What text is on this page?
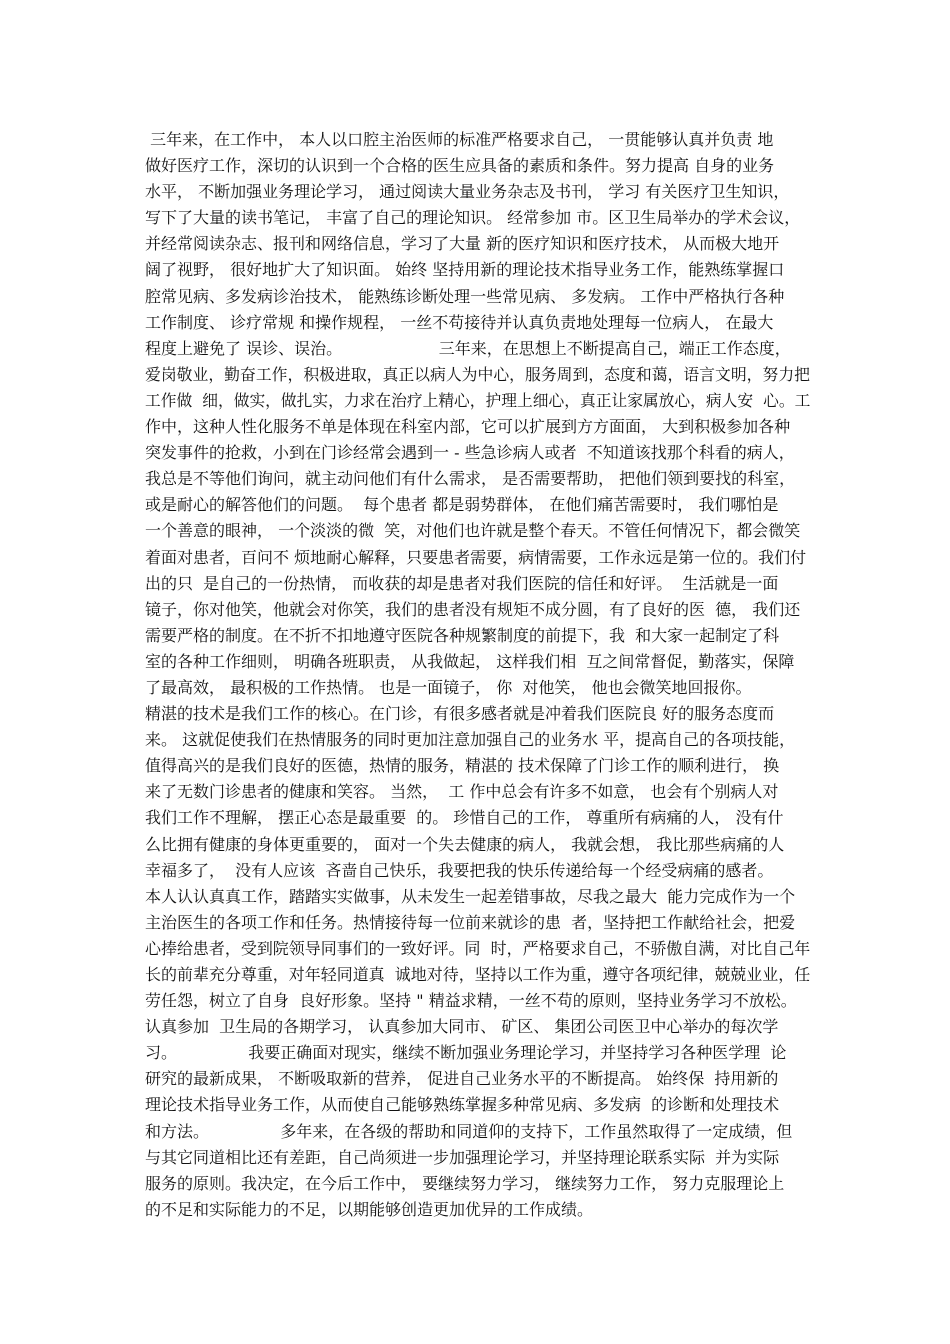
三年来，在工作中， 本人以口腔主治医师的标准严格要求自己， 一贯能够认真并负责 地
做好医疗工作，深切的认识到一个合格的医生应具备的素质和条件。努力提高 自身的业务
水平， 不断加强业务理论学习， 通过阅读大量业务杂志及书刊， 学习 有关医疗卫生知识，
写下了大量的读书笔记， 丰富了自己的理论知识。 经常参加 市。区卫生局举办的学术会议，
并经常阅读杂志、报刊和网络信息，学习了大量 新的医疗知识和医疗技术， 从而极大地开
阔了视野， 很好地扩大了知识面。 始终 坚持用新的理论技术指导业务工作，能熟练掌握口
腔常见病、多发病诊治技术， 能熟练诊断处理一些常见病、 多发病。 工作中严格执行各种
工作制度、 诊疗常规 和操作规程， 一丝不苟接待并认真负责地处理每一位病人， 在最大
程度上避免了 误诊、误治。                   三年来，在思想上不断提高自己，端正工作态度，
爱岗敬业，勤奋工作，积极进取，真正以病人为中心，服务周到，态度和蔼，语言文明，努力把
工作做  细，做实，做扎实，力求在治疗上精心，护理上细心，真正让家属放心，病人安  心。工
作中，这种人性化服务不单是体现在科室内部，它可以扩展到方方面面， 大到积极参加各种
突发事件的抢救，小到在门诊经常会遇到一 - 些急诊病人或者  不知道该找那个科看的病人，
我总是不等他们询问，就主动问他们有什么需求， 是否需要帮助， 把他们领到要找的科室，
或是耐心的解答他们的问题。  每个患者 都是弱势群体， 在他们痛苦需要时， 我们哪怕是
一个善意的眼神， 一个淡淡的微  笑，对他们也许就是整个春天。不管任何情况下，都会微笑
着面对患者，百问不 烦地耐心解释，只要患者需要，病情需要，工作永远是第一位的。我们付
出的只  是自己的一份热情， 而收获的却是患者对我们医院的信任和好评。  生活就是一面
镜子，你对他笑，他就会对你笑，我们的患者没有规矩不成分圆，有了良好的医  德， 我们还
需要严格的制度。在不折不扣地遵守医院各种规繁制度的前提下，我  和大家一起制定了科
室的各种工作细则， 明确各班职责， 从我做起， 这样我们相  互之间常督促，勤落实，保障
了最高效， 最积极的工作热情。 也是一面镜子， 你  对他笑， 他也会微笑地回报你。
精湛的技术是我们工作的核心。在门诊，有很多感者就是冲着我们医院良 好的服务态度而
来。 这就促使我们在热情服务的同时更加注意加强自己的业务水 平，提高自己的各项技能，
值得高兴的是我们良好的医德，热情的服务，精湛的 技术保障了门诊工作的顺利进行， 换
来了无数门诊患者的健康和笑容。 当然，  工 作中总会有许多不如意， 也会有个别病人对
我们工作不理解， 摆正心态是最重要  的。 珍惜自己的工作， 尊重所有病痛的人， 没有什
么比拥有健康的身体更重要的， 面对一个失去健康的病人， 我就会想， 我比那些病痛的人
幸福多了，  没有人应该  吝啬自己快乐，我要把我的快乐传递给每一个经受病痛的感者。
本人认认真真工作，踏踏实实做事，从未发生一起差错事故，尽我之最大  能力完成作为一个
主治医生的各项工作和任务。热情接待每一位前来就诊的患  者，坚持把工作献给社会，把爱
心捧给患者，受到院领导同事们的一致好评。同  时，严格要求自己，不骄傲自满，对比自己年
长的前辈充分尊重，对年轻同道真  诚地对待，坚持以工作为重，遵守各项纪律，兢兢业业，任
劳任怨，树立了自身  良好形象。坚持 " 精益求精，一丝不苟的原则，坚持业务学习不放松。
认真参加  卫生局的各期学习， 认真参加大同市、 矿区、 集团公司医卫中心举办的每次学
习。              我要正确面对现实，继续不断加强业务理论学习，并坚持学习各种医学理  论
研究的最新成果， 不断吸取新的营养， 促进自己业务水平的不断提高。 始终保  持用新的
理论技术指导业务工作，从而使自己能够熟练掌握多种常见病、多发病  的诊断和处理技术
和方法。              多年来，在各级的帮助和同道仰的支持下，工作虽然取得了一定成绩，但
与其它同道相比还有差距，自己尚须进一步加强理论学习，并坚持理论联系实际  并为实际
服务的原则。我决定，在今后工作中， 要继续努力学习， 继续努力工作， 努力克服理论上
的不足和实际能力的不足，以期能够创造更加优异的工作成绩。
